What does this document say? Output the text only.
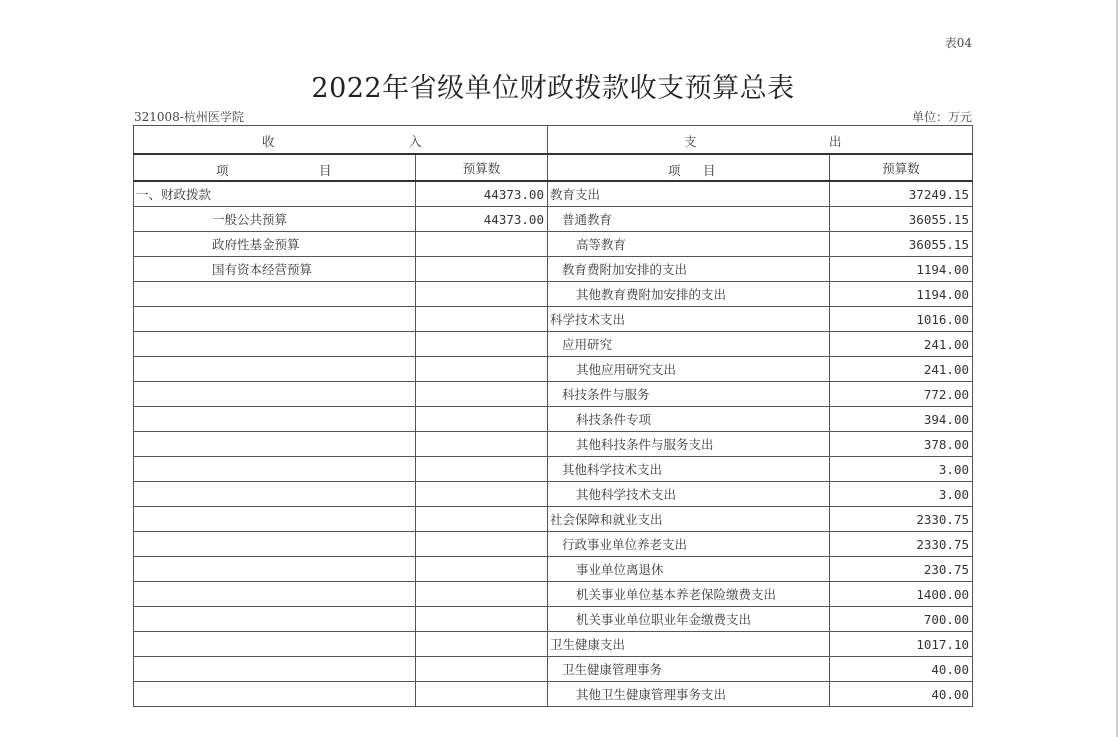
表04
2022年省级单位财政拨款收支预算总表
321008-杭州医学院	单位：万元
收 入		支 出	

项 目	预算数	项 目	预算数
一、财政拨款	44373.00	教育支出	37249.15
一般公共预算	44373.00	普通教育	36055.15
政府性基金预算		高等教育	36055.15
国有资本经营预算		教育费附加安排的支出	1194.00
		其他教育费附加安排的支出	1194.00
		科学技术支出	1016.00
		应用研究	241.00
		其他应用研究支出	241.00
		科技条件与服务	772.00
		科技条件专项	394.00
		其他科技条件与服务支出	378.00
		其他科学技术支出	3.00
		其他科学技术支出	3.00
		社会保障和就业支出	2330.75
		行政事业单位养老支出	2330.75
		事业单位离退休	230.75
		机关事业单位基本养老保险缴费支出	1400.00
		机关事业单位职业年金缴费支出	700.00
		卫生健康支出	1017.10
		卫生健康管理事务	40.00
		其他卫生健康管理事务支出	40.00
